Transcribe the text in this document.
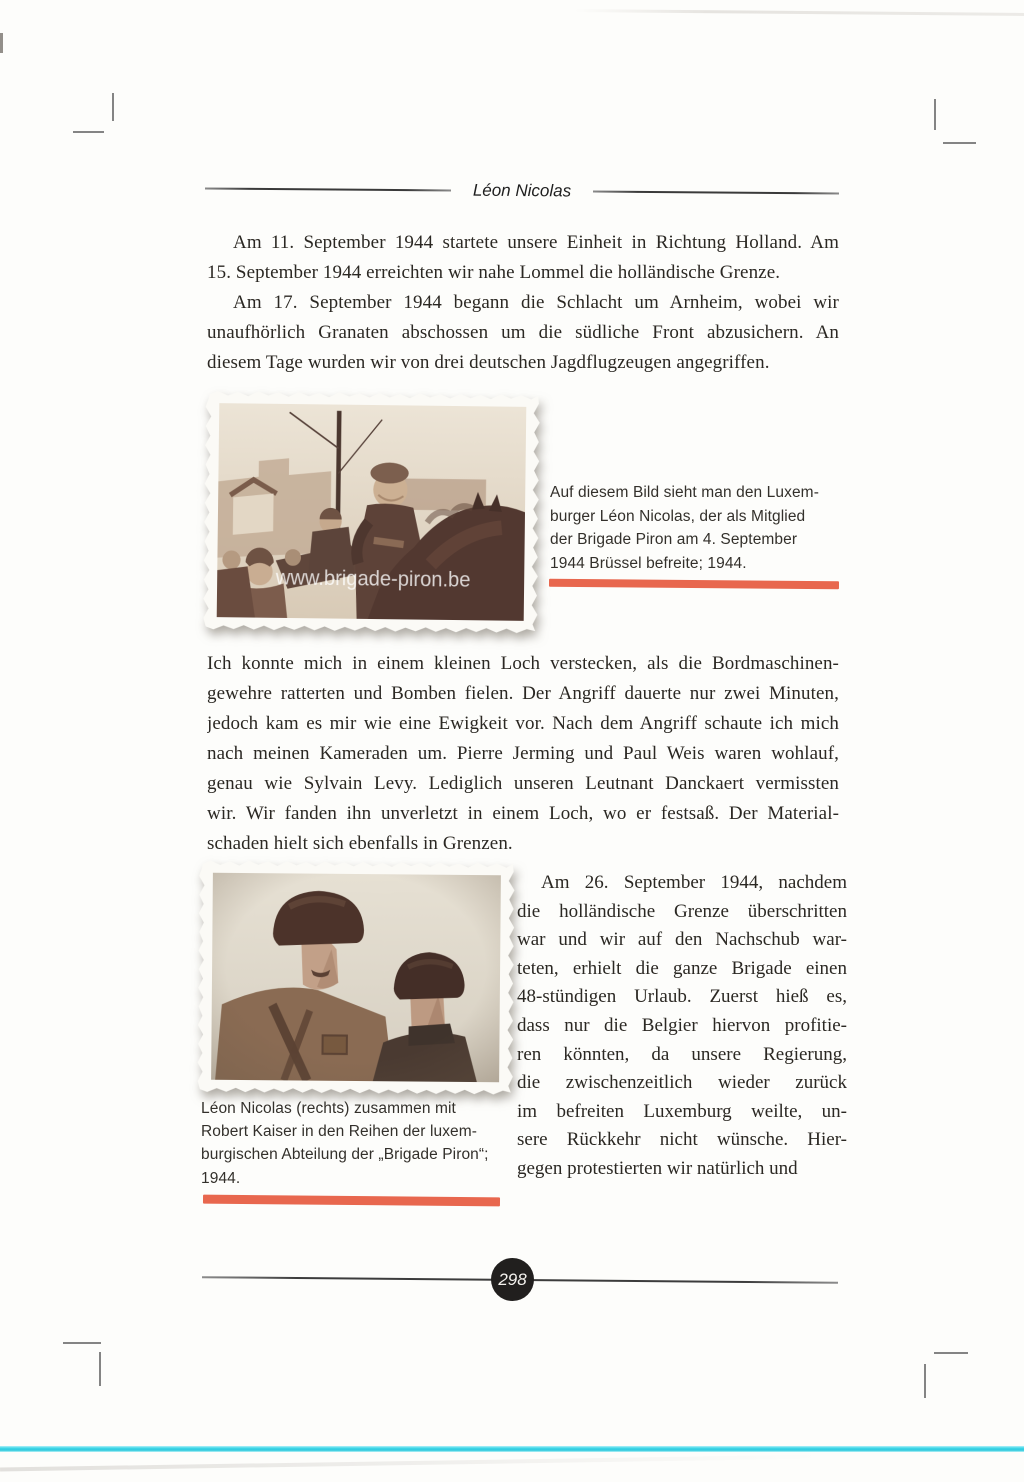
Léon Nicolas
Am 11. September 1944 startete unsere Einheit in Richtung Holland. Am
15. September 1944 erreichten wir nahe Lommel die holländische Grenze.
Am 17. September 1944 begann die Schlacht um Arnheim, wobei wir
unaufhörlich Granaten abschossen um die südliche Front abzusichern. An
diesem Tage wurden wir von drei deutschen Jagdflugzeugen angegriffen.
www.brigade-piron.be
Auf diesem Bild sieht man den Luxem-
burger Léon Nicolas, der als Mitglied
der Brigade Piron am 4. September
1944 Brüssel befreite; 1944.
Ich konnte mich in einem kleinen Loch verstecken, als die Bordmaschinen-
gewehre ratterten und Bomben fielen. Der Angriff dauerte nur zwei Minuten,
jedoch kam es mir wie eine Ewigkeit vor. Nach dem Angriff schaute ich mich
nach meinen Kameraden um. Pierre Jerming und Paul Weis waren wohlauf,
genau wie Sylvain Levy. Lediglich unseren Leutnant Danckaert vermissten
wir. Wir fanden ihn unverletzt in einem Loch, wo er festsaß. Der Material-
schaden hielt sich ebenfalls in Grenzen.
Am 26. September 1944, nachdem
die holländische Grenze überschritten
war und wir auf den Nachschub war-
teten, erhielt die ganze Brigade einen
48-stündigen Urlaub. Zuerst hieß es,
dass nur die Belgier hiervon profitie-
ren könnten, da unsere Regierung,
die zwischenzeitlich wieder zurück
im befreiten Luxemburg weilte, un-
sere Rückkehr nicht wünsche. Hier-
gegen protestierten wir natürlich und
Léon Nicolas (rechts) zusammen mit
Robert Kaiser in den Reihen der luxem-
burgischen Abteilung der „Brigade Piron“;
1944.
298
